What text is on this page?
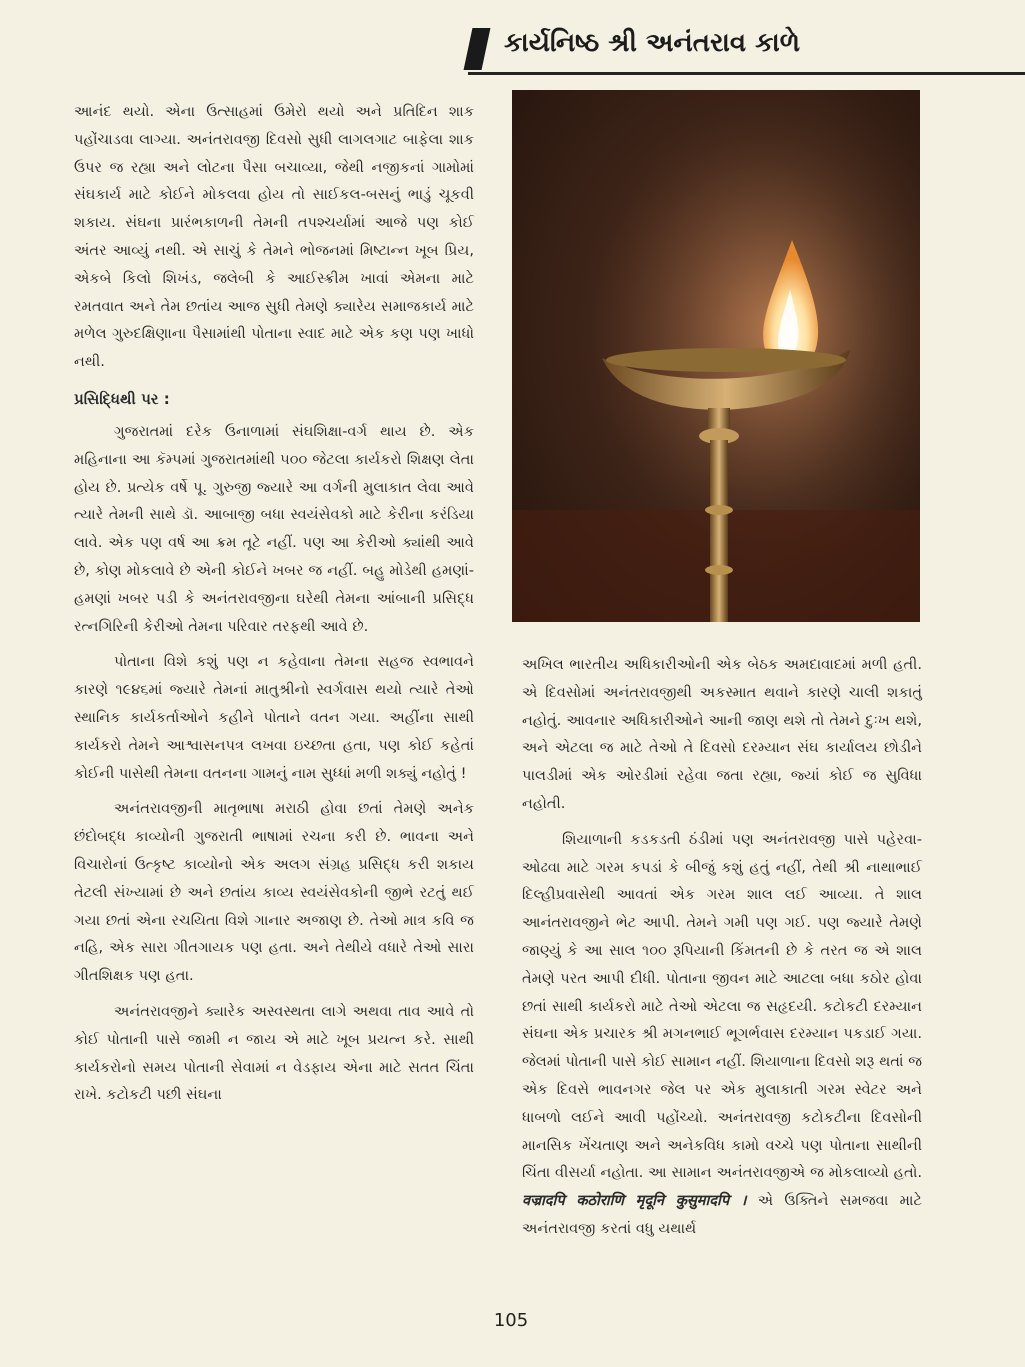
કાર્યનિષ્ઠ શ્રી અનંતરાવ કાળે

આનંદ થયો. એના ઉત્સાહમાં ઉમેરો થયો અને પ્રતિદિન શાક પહોંચાડવા લાગ્યા. અનંતરાવજી દિવસો સુધી લાગલગાટ બાફેલા શાક ઉપર જ રહ્યા અને લોટના પૈસા બચાવ્યા, જેથી નજીકનાં ગામોમાં સંઘકાર્ય માટે કોઈને મોકલવા હોય તો સાઈકલ-બસનું ભાડું ચૂકવી શકાય. સંઘના પ્રારંભકાળની તેમની તપશ્ચર્યામાં આજે પણ કોઈ અંતર આવ્યું નથી. એ સાચું કે તેમને ભોજનમાં મિષ્ટાન્ન ખૂબ પ્રિય, એકબે કિલો શિખંડ, જલેબી કે આઈસ્ક્રીમ ખાવાં એમના માટે રમતવાત અને તેમ છતાંય આજ સુધી તેમણે ક્યારેય સમાજકાર્ય માટે મળેલ ગુરુદક્ષિણાના પૈસામાંથી પોતાના સ્વાદ માટે એક કણ પણ ખાધો નથી.

પ્રસિદ્ધિથી પર :

ગુજરાતમાં દરેક ઉનાળામાં સંઘશિક્ષા-વર્ગ થાય છે. એક મહિનાના આ કૅમ્પમાં ગુજરાતમાંથી ૫૦૦ જેટલા કાર્યકરો શિક્ષણ લેતા હોય છે. પ્રત્યેક વર્ષે પૂ. ગુરુજી જ્યારે આ વર્ગની મુલાકાત લેવા આવે ત્યારે તેમની સાથે ડૉ. આબાજી બધા સ્વયંસેવકો માટે કેરીના કરંડિયા લાવે. એક પણ વર્ષ આ ક્રમ તૂટે નહીં. પણ આ કેરીઓ ક્યાંથી આવે છે, કોણ મોકલાવે છે એની કોઈને ખબર જ નહીં. બહુ મોડેથી હમણાં-હમણાં ખબર પડી કે અનંતરાવજીના ઘરેથી તેમના આંબાની પ્રસિદ્ધ રત્નગિરિની કેરીઓ તેમના પરિવાર તરફથી આવે છે.

પોતાના વિશે કશું પણ ન કહેવાના તેમના સહજ સ્વભાવને કારણે ૧૯૪૬માં જ્યારે તેમનાં માતુશ્રીનો સ્વર્ગવાસ થયો ત્યારે તેઓ સ્થાનિક કાર્યકર્તાઓને કહીને પોતાને વતન ગયા. અહીંના સાથી કાર્યકરો તેમને આશ્વાસનપત્ર લખવા ઇચ્છતા હતા, પણ કોઈ કહેતાં કોઈની પાસેથી તેમના વતનના ગામનું નામ સુધ્ધાં મળી શક્યું નહોતું !

અનંતરાવજીની માતૃભાષા મરાઠી હોવા છતાં તેમણે અનેક છંદોબદ્ધ કાવ્યોની ગુજરાતી ભાષામાં રચના કરી છે. ભાવના અને વિચારોનાં ઉત્કૃષ્ટ કાવ્યોનો એક અલગ સંગ્રહ પ્રસિદ્ધ કરી શકાય તેટલી સંખ્યામાં છે અને છતાંય કાવ્ય સ્વયંસેવકોની જીભે રટતું થઈ ગયા છતાં એના રચયિતા વિશે ગાનાર અજાણ છે. તેઓ માત્ર કવિ જ નહિ, એક સારા ગીતગાયક પણ હતા. અને તેથીયે વધારે તેઓ સારા ગીતશિક્ષક પણ હતા.

અનંતરાવજીને ક્યારેક અસ્વસ્થતા લાગે અથવા તાવ આવે તો કોઈ પોતાની પાસે જામી ન જાય એ માટે ખૂબ પ્રયત્ન કરે. સાથી કાર્યકરોનો સમય પોતાની સેવામાં ન વેડફાય એના માટે સતત ચિંતા રાખે. કટોકટી પછી સંઘના

અખિલ ભારતીય અધિકારીઓની એક બેઠક અમદાવાદમાં મળી હતી. એ દિવસોમાં અનંતરાવજીથી અકસ્માત થવાને કારણે ચાલી શકાતું નહોતું. આવનાર અધિકારીઓને આની જાણ થશે તો તેમને દુઃખ થશે, અને એટલા જ માટે તેઓ તે દિવસો દરમ્યાન સંઘ કાર્યાલય છોડીને પાલડીમાં એક ઓરડીમાં રહેવા જતા રહ્યા, જ્યાં કોઈ જ સુવિધા નહોતી.

શિયાળાની કડકડતી ઠંડીમાં પણ અનંતરાવજી પાસે પહેરવા-ઓઢવા માટે ગરમ કપડાં કે બીજું કશું હતું નહીં, તેથી શ્રી નાથાભાઈ દિલ્હીપ્રવાસેથી આવતાં એક ગરમ શાલ લઈ આવ્યા. તે શાલ આનંતરાવજીને ભેટ આપી. તેમને ગમી પણ ગઈ. પણ જ્યારે તેમણે જાણ્યું કે આ સાલ ૧૦૦ રૂપિયાની કિંમતની છે કે તરત જ એ શાલ તેમણે પરત આપી દીધી. પોતાના જીવન માટે આટલા બધા કઠોર હોવા છતાં સાથી કાર્યકરો માટે તેઓ એટલા જ સહૃદયી. કટોકટી દરમ્યાન સંઘના એક પ્રચારક શ્રી મગનભાઈ ભૂગર્ભવાસ દરમ્યાન પકડાઈ ગયા. જેલમાં પોતાની પાસે કોઈ સામાન નહીં. શિયાળાના દિવસો શરૂ થતાં જ એક દિવસે ભાવનગર જેલ પર એક મુલાકાતી ગરમ સ્વેટર અને ધાબળો લઈને આવી પહોંચ્યો. અનંતરાવજી કટોકટીના દિવસોની માનસિક ખેંચતાણ અને અનેકવિધ કામો વચ્ચે પણ પોતાના સાથીની ચિંતા વીસર્યા નહોતા. આ સામાન અનંતરાવજીએ જ મોકલાવ્યો હતો. वज्रादपि कठोराणि मृदूनि कुसुमादपि । એ ઉક્તિને સમજવા માટે અનંતરાવજી કરતાં વધુ યથાર્થ

105
